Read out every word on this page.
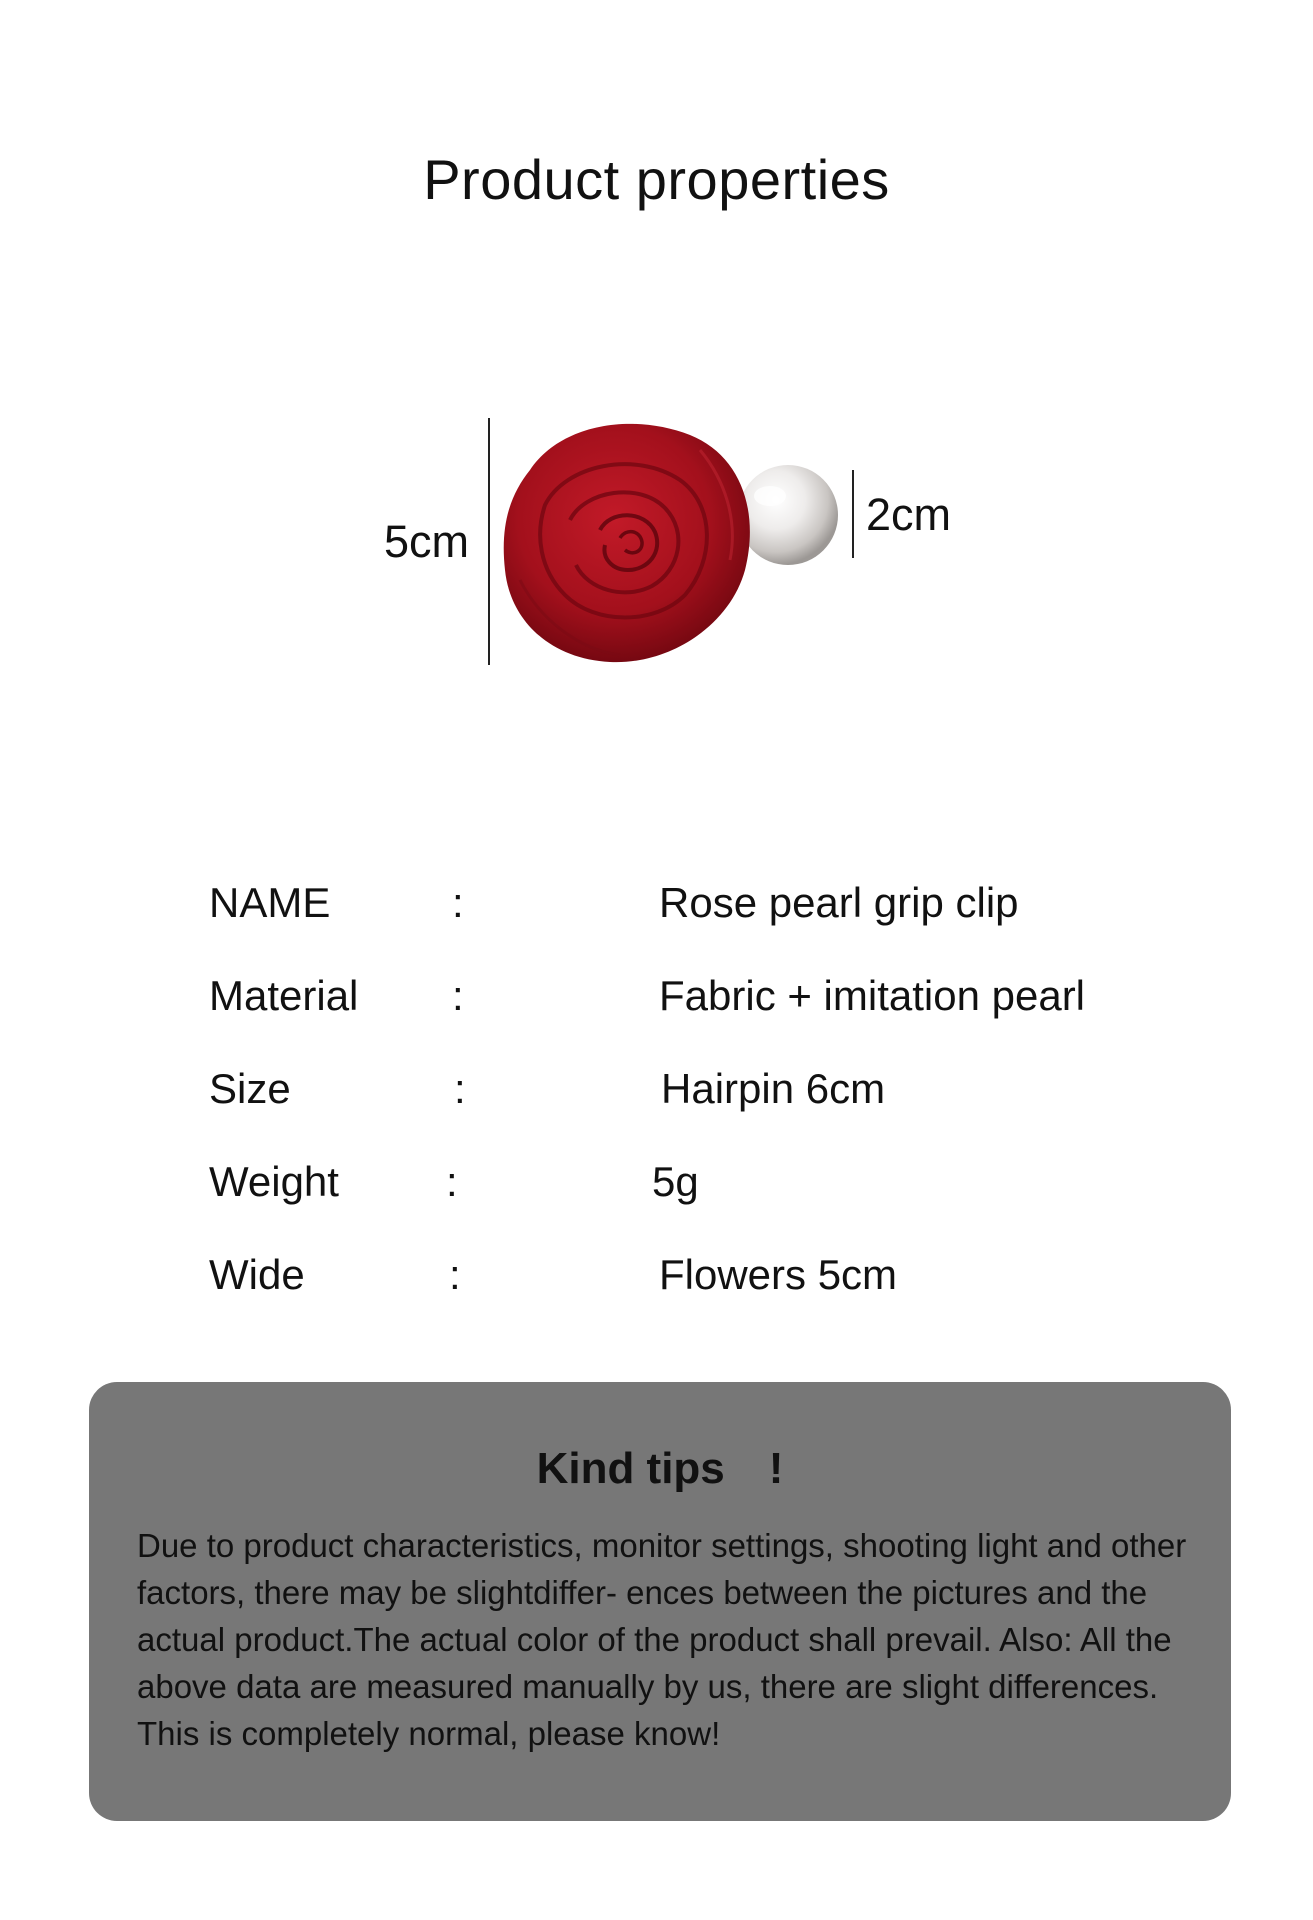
Product properties
5cm
2cm
NAME	:	Rose pearl grip clip
Material :	Fabric + imitation pearl
Size	:	Hairpin 6cm
Weight	:	5g
Wide	:	Flowers 5cm
Kind tips　!
Due to product characteristics, monitor settings, shooting light and other factors, there may be slightdiffer- ences between the pictures and the actual product.The actual color of the product shall prevail. Also: All the above data are measured manually by us, there are slight differences. This is completely normal, please know!
